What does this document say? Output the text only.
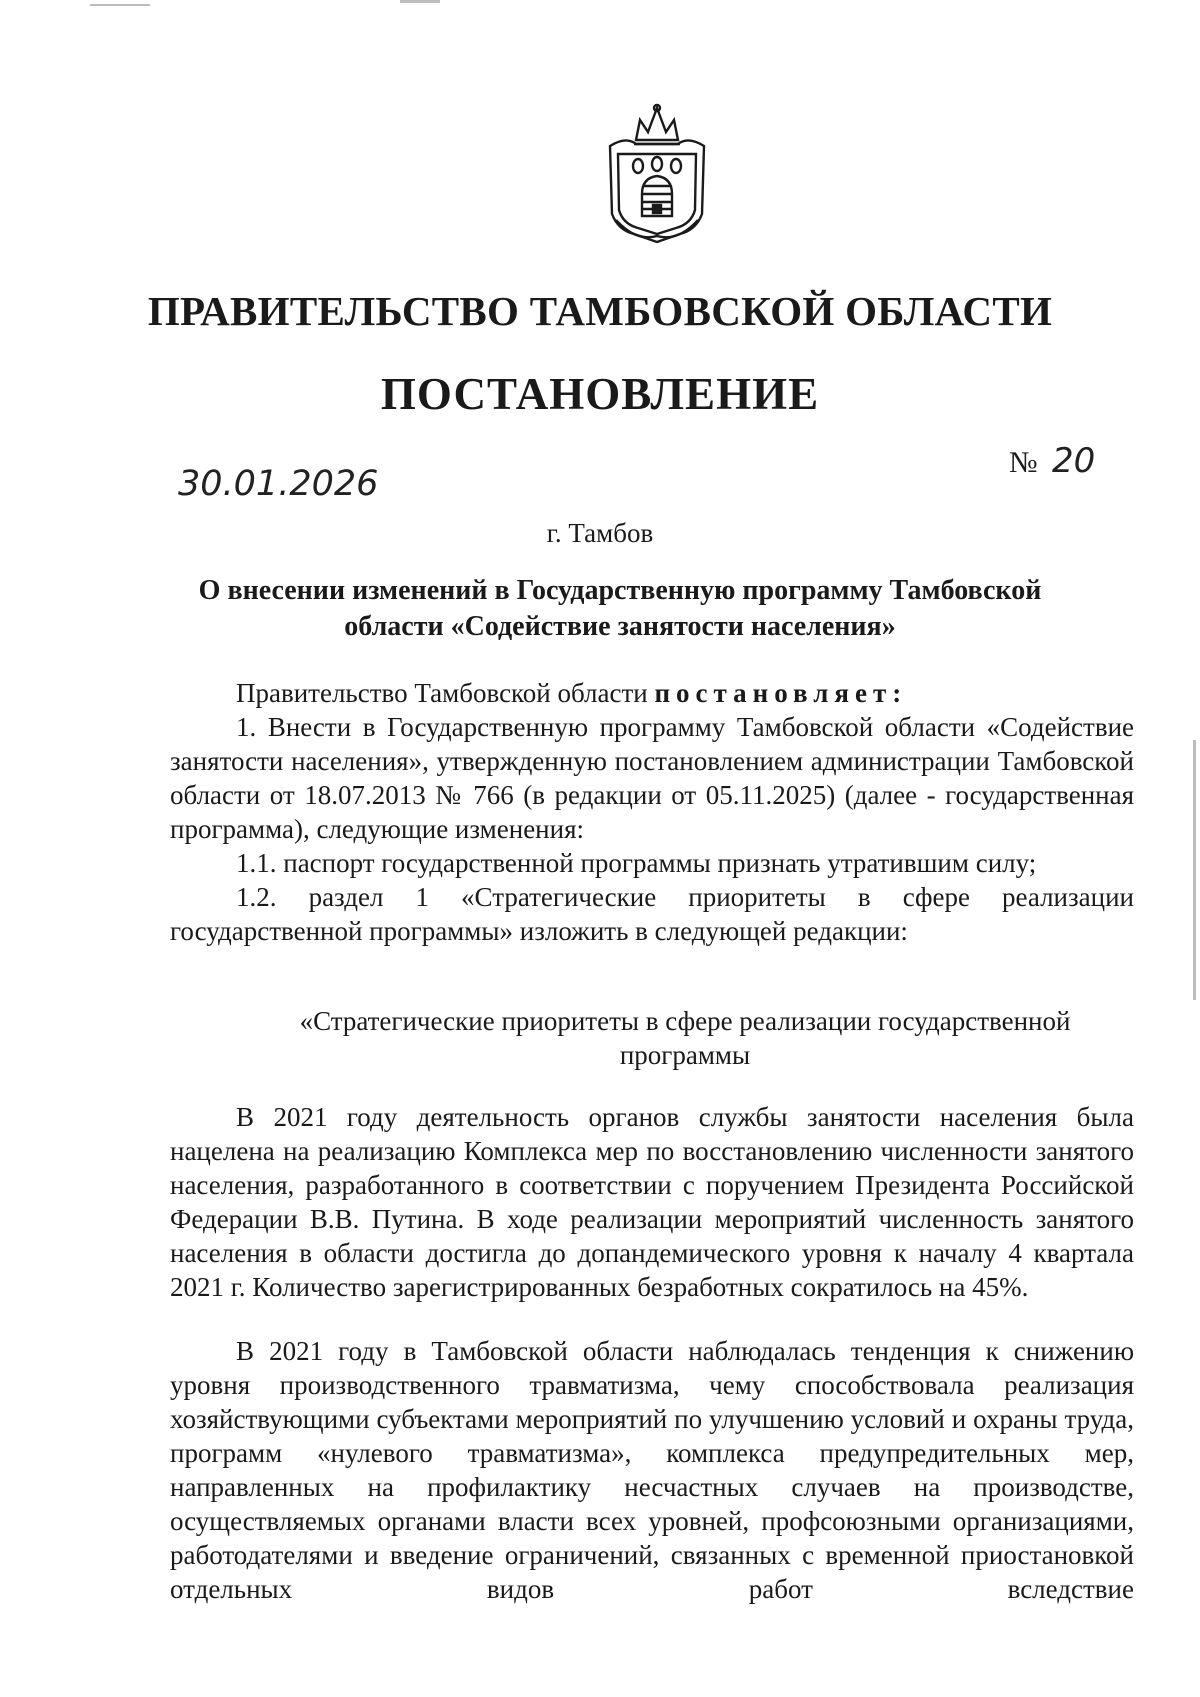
ПРАВИТЕЛЬСТВО ТАМБОВСКОЙ ОБЛАСТИ
ПОСТАНОВЛЕНИЕ
30.01.2026
№ 20
г. Тамбов
О внесении изменений в Государственную программу Тамбовской
области «Содействие занятости населения»
Правительство Тамбовской области постановляет:
1. Внести в Государственную программу Тамбовской области «Содействие занятости населения», утвержденную постановлением администрации Тамбовской области от 18.07.2013 № 766 (в редакции от 05.11.2025) (далее - государственная программа), следующие изменения:
1.1. паспорт государственной программы признать утратившим силу;
1.2. раздел 1 «Стратегические приоритеты в сфере реализации государственной программы» изложить в следующей редакции:
«Стратегические приоритеты в сфере реализации государственной
программы
В 2021 году деятельность органов службы занятости населения была нацелена на реализацию Комплекса мер по восстановлению численности занятого населения, разработанного в соответствии с поручением Президента Российской Федерации В.В. Путина. В ходе реализации мероприятий численность занятого населения в области достигла до допандемического уровня к началу 4 квартала 2021 г. Количество зарегистрированных безработных сократилось на 45%.
В 2021 году в Тамбовской области наблюдалась тенденция к снижению уровня производственного травматизма, чему способствовала реализация хозяйствующими субъектами мероприятий по улучшению условий и охраны труда, программ «нулевого травматизма», комплекса предупредительных мер, направленных на профилактику несчастных случаев на производстве, осуществляемых органами власти всех уровней, профсоюзными организациями, работодателями и введение ограничений, связанных с временной приостановкой отдельных видов работ вследствие
